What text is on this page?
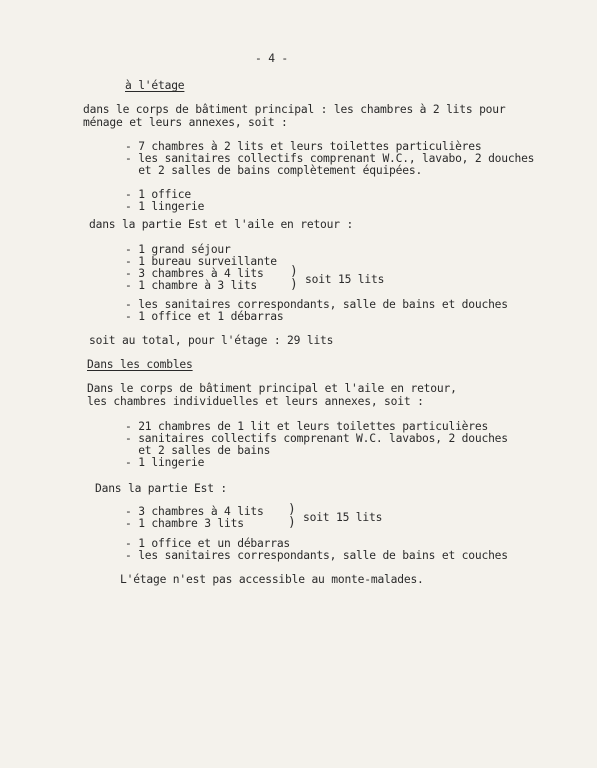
- 4 -
à l'étage
dans le corps de bâtiment principal : les chambres à 2 lits pour
ménage et leurs annexes, soit :
- 7 chambres à 2 lits et leurs toilettes particulières
- les sanitaires collectifs comprenant W.C., lavabo, 2 douches
et 2 salles de bains complètement équipées.
- 1 office
- 1 lingerie
dans la partie Est et l'aile en retour :
- 1 grand séjour
- 1 bureau surveillante
- 3 chambres à 4 lits
- 1 chambre à 3 lits
)
) soit 15 lits
- les sanitaires correspondants, salle de bains et douches
- 1 office et 1 débarras
soit au total, pour l'étage : 29 lits
Dans les combles
Dans le corps de bâtiment principal et l'aile en retour,
les chambres individuelles et leurs annexes, soit :
- 21 chambres de 1 lit et leurs toilettes particulières
- sanitaires collectifs comprenant W.C. lavabos, 2 douches
et 2 salles de bains
- 1 lingerie
Dans la partie Est :
- 3 chambres à 4 lits
- 1 chambre 3 lits
)
) soit 15 lits
- 1 office et un débarras
- les sanitaires correspondants, salle de bains et couches
L'étage n'est pas accessible au monte-malades.
